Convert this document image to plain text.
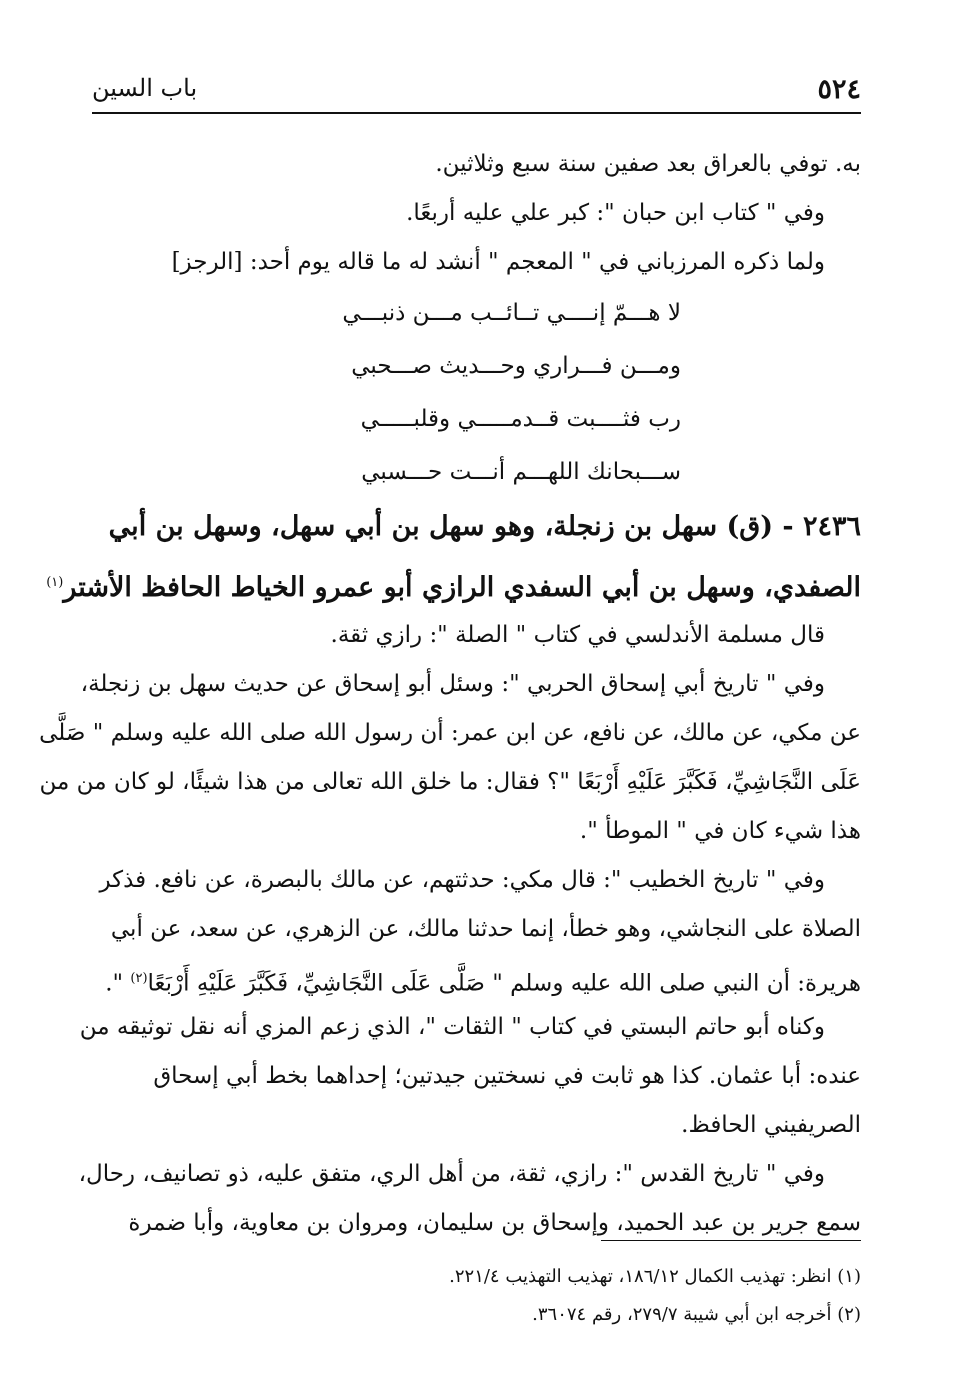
٥٢٤
باب السين
به. توفي بالعراق بعد صفين سنة سبع وثلاثين.
وفي " كتاب ابن حبان ": كبر علي عليه أربعًا.
ولما ذكره المرزباني في " المعجم " أنشد له ما قاله يوم أحد: [الرجز]
لا هـــمّ إنــــي تــائــب مـــن ذنبـــي
ومـــن فـــراري وحـــديث صـــحبي
رب فثــــبت قــدمـــــي وقلبـــــي
ســـبحانك اللهـــم أنـــت حـــسبي
٢٤٣٦ - (ق) سهل بن زنجلة، وهو سهل بن أبي سهل، وسهل بن أبي
الصفدي، وسهل بن أبي السفدي الرازي أبو عمرو الخياط الحافظ الأشتر$^{(١)}$
قال مسلمة الأندلسي في كتاب " الصلة ": رازي ثقة.
وفي " تاريخ أبي إسحاق الحربي ": وسئل أبو إسحاق عن حديث سهل بن زنجلة،
عن مكي، عن مالك، عن نافع، عن ابن عمر: أن رسول الله صلى الله عليه وسلم " صَلَّى
عَلَى النَّجَاشِيِّ، فَكَبَّرَ عَلَيْهِ أَرْبَعًا "؟ فقال: ما خلق الله تعالى من هذا شيئًا، لو كان من من
هذا شيء كان في " الموطأ ".
وفي " تاريخ الخطيب ": قال مكي: حدثتهم، عن مالك بالبصرة، عن نافع. فذكر
الصلاة على النجاشي، وهو خطأ، إنما حدثنا مالك، عن الزهري، عن سعد، عن أبي
هريرة: أن النبي صلى الله عليه وسلم " صَلَّى عَلَى النَّجَاشِيِّ، فَكَبَّرَ عَلَيْهِ أَرْبَعًا$^{(٢)}$ ".
وكناه أبو حاتم البستي في كتاب " الثقات "، الذي زعم المزي أنه نقل توثيقه من
عنده: أبا عثمان. كذا هو ثابت في نسختين جيدتين؛ إحداهما بخط أبي إسحاق
الصريفيني الحافظ.
وفي " تاريخ القدس ": رازي، ثقة، من أهل الري، متفق عليه، ذو تصانيف، رحال،
سمع جرير بن عبد الحميد، وإسحاق بن سليمان، ومروان بن معاوية، وأبا ضمرة
(١) انظر: تهذيب الكمال ١٨٦/١٢، تهذيب التهذيب ٢٢١/٤.
(٢) أخرجه ابن أبي شيبة ٢٧٩/٧، رقم ٣٦٠٧٤.
